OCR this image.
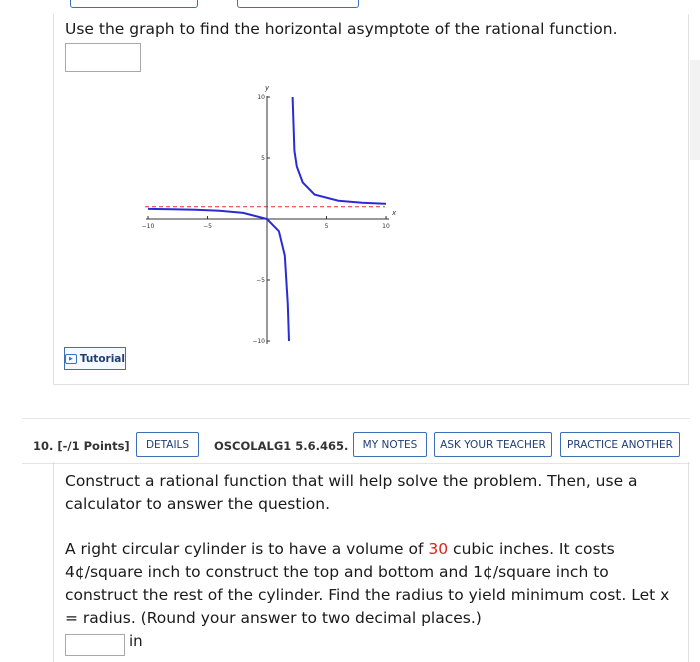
Use the graph to find the horizontal asymptote of the rational function.
−10	−5	5	10
10
5
−5
−10
x
y
▶ Tutorial
10. [-/1 Points]	DETAILS	OSCOLALG1 5.6.465.	MY NOTES	ASK YOUR TEACHER	PRACTICE ANOTHER
Construct a rational function that will help solve the problem. Then, use a calculator to answer the question.
A right circular cylinder is to have a volume of 30 cubic inches. It costs 4¢/square inch to construct the top and bottom and 1¢/square inch to construct the rest of the cylinder. Find the radius to yield minimum cost. Let x = radius. (Round your answer to two decimal places.)
in
